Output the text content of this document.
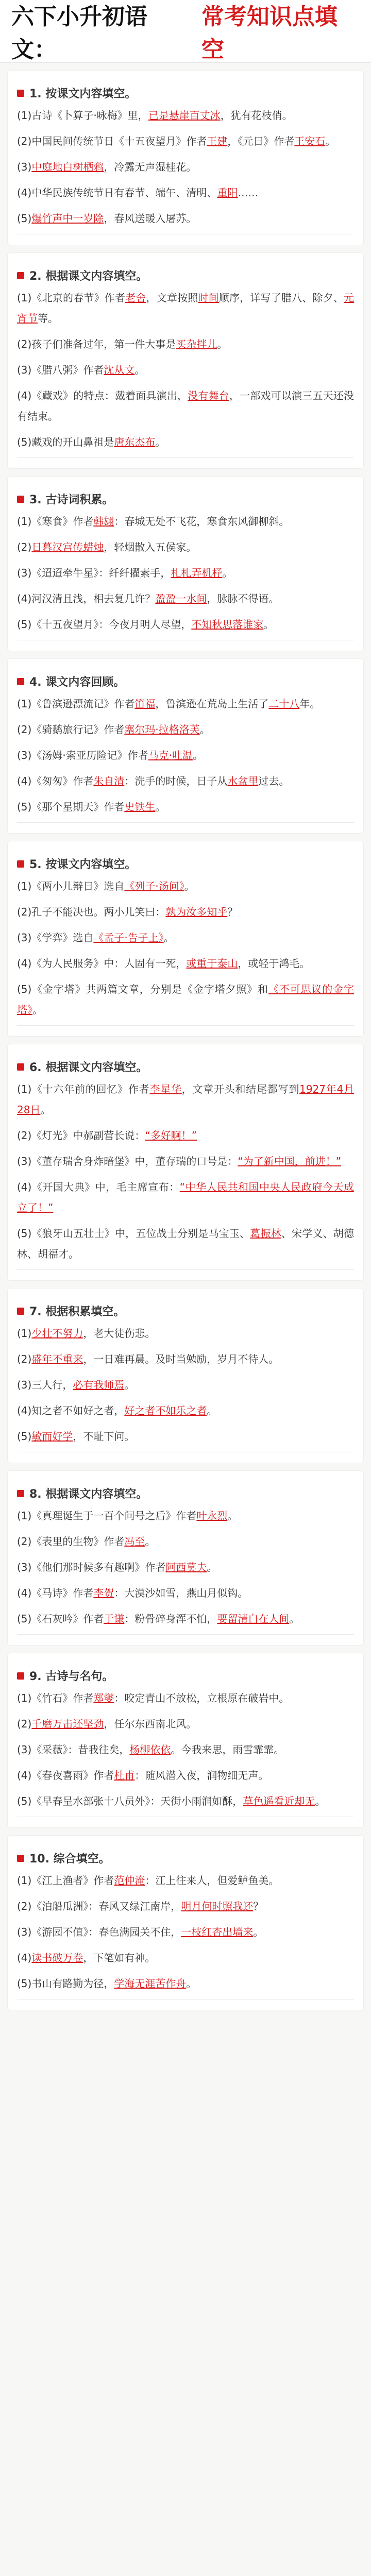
六下小升初语文：
常考知识点填空
1. 按课文内容填空。

(1)古诗《卜算子·咏梅》里，已是悬崖百丈冰，犹有花枝俏。

(2)中国民间传统节日《十五夜望月》作者王建，《元日》作者王安石。

(3)中庭地白树栖鸦，冷露无声湿桂花。

(4)中华民族传统节日有春节、端午、清明、重阳……

(5)爆竹声中一岁除，春风送暖入屠苏。

2. 根据课文内容填空。

(1)《北京的春节》作者老舍，文章按照时间顺序，详写了腊八、除夕、元宵节等。

(2)孩子们准备过年，第一件大事是买杂拌儿。

(3)《腊八粥》作者沈从文。

(4)《藏戏》的特点：戴着面具演出，没有舞台，一部戏可以演三五天还没有结束。

(5)藏戏的开山鼻祖是唐东杰布。

3. 古诗词积累。

(1)《寒食》作者韩翃：春城无处不飞花，寒食东风御柳斜。

(2)日暮汉宫传蜡烛，轻烟散入五侯家。

(3)《迢迢牵牛星》：纤纤擢素手，札札弄机杼。

(4)河汉清且浅，相去复几许？盈盈一水间，脉脉不得语。

(5)《十五夜望月》：今夜月明人尽望，不知秋思落谁家。

4. 课文内容回顾。

(1)《鲁滨逊漂流记》作者笛福，鲁滨逊在荒岛上生活了二十八年。

(2)《骑鹅旅行记》作者塞尔玛·拉格洛芙。

(3)《汤姆·索亚历险记》作者马克·吐温。

(4)《匆匆》作者朱自清：洗手的时候，日子从水盆里过去。

(5)《那个星期天》作者史铁生。

5. 按课文内容填空。

(1)《两小儿辩日》选自《列子·汤问》。

(2)孔子不能决也。两小儿笑曰：孰为汝多知乎？

(3)《学弈》选自《孟子·告子上》。

(4)《为人民服务》中：人固有一死，或重于泰山，或轻于鸿毛。

(5)《金字塔》共两篇文章，分别是《金字塔夕照》和《不可思议的金字塔》。

6. 根据课文内容填空。

(1)《十六年前的回忆》作者李星华，文章开头和结尾都写到1927年4月28日。

(2)《灯光》中郝副营长说：“多好啊！”

(3)《董存瑞舍身炸暗堡》中，董存瑞的口号是：“为了新中国，前进！”

(4)《开国大典》中，毛主席宣布：“中华人民共和国中央人民政府今天成立了！”

(5)《狼牙山五壮士》中，五位战士分别是马宝玉、葛振林、宋学义、胡德林、胡福才。

7. 根据积累填空。

(1)少壮不努力，老大徒伤悲。

(2)盛年不重来，一日难再晨。及时当勉励，岁月不待人。

(3)三人行，必有我师焉。

(4)知之者不如好之者，好之者不如乐之者。

(5)敏而好学，不耻下问。

8. 根据课文内容填空。

(1)《真理诞生于一百个问号之后》作者叶永烈。

(2)《表里的生物》作者冯至。

(3)《他们那时候多有趣啊》作者阿西莫夫。

(4)《马诗》作者李贺：大漠沙如雪，燕山月似钩。

(5)《石灰吟》作者于谦：粉骨碎身浑不怕，要留清白在人间。

9. 古诗与名句。

(1)《竹石》作者郑燮：咬定青山不放松，立根原在破岩中。

(2)千磨万击还坚劲，任尔东西南北风。

(3)《采薇》：昔我往矣，杨柳依依。今我来思，雨雪霏霏。

(4)《春夜喜雨》作者杜甫：随风潜入夜，润物细无声。

(5)《早春呈水部张十八员外》：天街小雨润如酥，草色遥看近却无。

10. 综合填空。

(1)《江上渔者》作者范仲淹：江上往来人，但爱鲈鱼美。

(2)《泊船瓜洲》：春风又绿江南岸，明月何时照我还？

(3)《游园不值》：春色满园关不住，一枝红杏出墙来。

(4)读书破万卷，下笔如有神。

(5)书山有路勤为径，学海无涯苦作舟。
